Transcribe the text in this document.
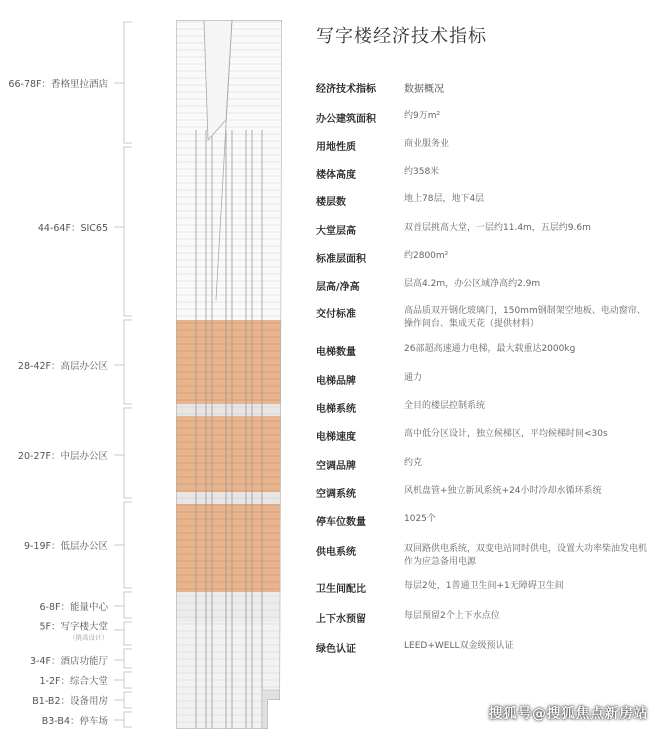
66-78F：香格里拉酒店
44-64F：SIC65
28-42F：高层办公区
20-27F：中层办公区
9-19F：低层办公区
6-8F：能量中心
5F：写字楼大堂
（挑高设计）
3-4F：酒店功能厅
1-2F：综合大堂
B1-B2：设备用房
B3-B4：停车场
写字楼经济技术指标
经济技术指标	数据概况
办公建筑面积	约9万m²
用地性质	商业服务业
楼体高度	约358米
楼层数	地上78层，地下4层
大堂层高	双首层挑高大堂，一层约11.4m，五层约9.6m
标准层面积	约2800m²
层高/净高	层高4.2m，办公区域净高约2.9m
交付标准	高品质双开钢化玻璃门，150mm钢制架空地板、电动窗帘、操作间台、集成天花（提供材料）
电梯数量	26部超高速通力电梯，最大载重达2000kg
电梯品牌	通力
电梯系统	全目的楼层控制系统
电梯速度	高中低分区设计，独立候梯区，平均候梯时间<30s
空调品牌	约克
空调系统	风机盘管+独立新风系统+24小时冷却水循环系统
停车位数量	1025个
供电系统	双回路供电系统，双变电站同时供电，设置大功率柴油发电机作为应急备用电源
卫生间配比	每层2处，1普通卫生间+1无障碍卫生间
上下水预留	每层预留2个上下水点位
绿色认证	LEED+WELL双金级预认证
搜狐号@搜狐焦点新房站
